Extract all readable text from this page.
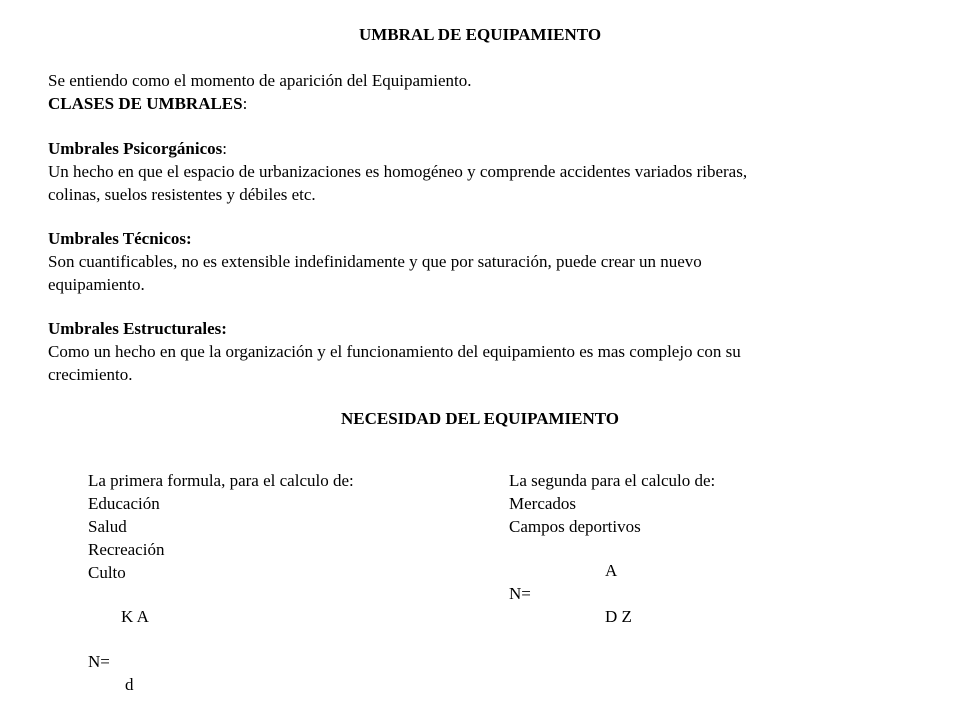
UMBRAL DE EQUIPAMIENTO
Se entiendo como el momento de aparición del Equipamiento.
CLASES DE UMBRALES:
Umbrales Psicorgánicos:
Un hecho en que el espacio de urbanizaciones es homogéneo y comprende accidentes variados riberas,
colinas, suelos resistentes y débiles etc.
Umbrales Técnicos:
Son cuantificables, no es extensible indefinidamente y que por saturación, puede crear un nuevo
equipamiento.
Umbrales Estructurales:
Como un hecho en que la organización y el funcionamiento del equipamiento es mas complejo con su
crecimiento.
NECESIDAD DEL EQUIPAMIENTO
La primera formula, para el calculo de:
Educación
Salud
Recreación
Culto
K A
N=
d
La segunda para el calculo de:
Mercados
Campos deportivos
A
N=
D Z
